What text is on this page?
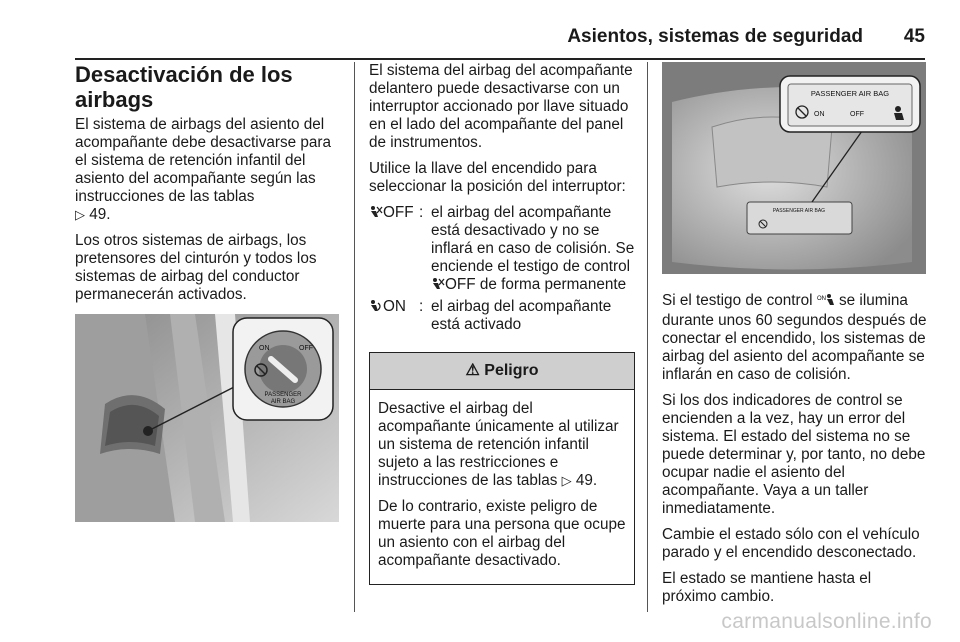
Asientos, sistemas de seguridad 45
Desactivación de los airbags

El sistema de airbags del asiento del acompañante debe desactivarse para el sistema de retención infantil del asiento del acompañante según las instrucciones de las tablas
▷ 49.

Los otros sistemas de airbags, los pretensores del cinturón y todos los sistemas de airbag del conductor permanecerán activados.

ON	OFF
PASSENGER
AIR BAG

El sistema del airbag del acompañante delantero puede desactivarse con un interruptor accionado por llave situado en el lado del acompañante del panel de instrumentos.

Utilice la llave del encendido para seleccionar la posición del interruptor:

OFF : el airbag del acompañante está desactivado y no se inflará en caso de colisión. Se enciende el testigo de control OFF de forma permanente
ON : el airbag del acompañante está activado
⚠ Peligro

Desactive el airbag del acompañante únicamente al utilizar un sistema de retención infantil sujeto a las restricciones e instrucciones de las tablas ▷ 49.

De lo contrario, existe peligro de muerte para una persona que ocupe un asiento con el airbag del acompañante desactivado.

PASSENGER AIR BAG
PASSENGER AIR BAG
ON	OFF

Si el testigo de control ON se ilumina durante unos 60 segundos después de conectar el encendido, los sistemas de airbag del asiento del acompañante se inflarán en caso de colisión.

Si los dos indicadores de control se encienden a la vez, hay un error del sistema. El estado del sistema no se puede determinar y, por tanto, no debe ocupar nadie el asiento del acompañante. Vaya a un taller inmediatamente.

Cambie el estado sólo con el vehículo parado y el encendido desconectado.

El estado se mantiene hasta el próximo cambio.

carmanualsonline.info
